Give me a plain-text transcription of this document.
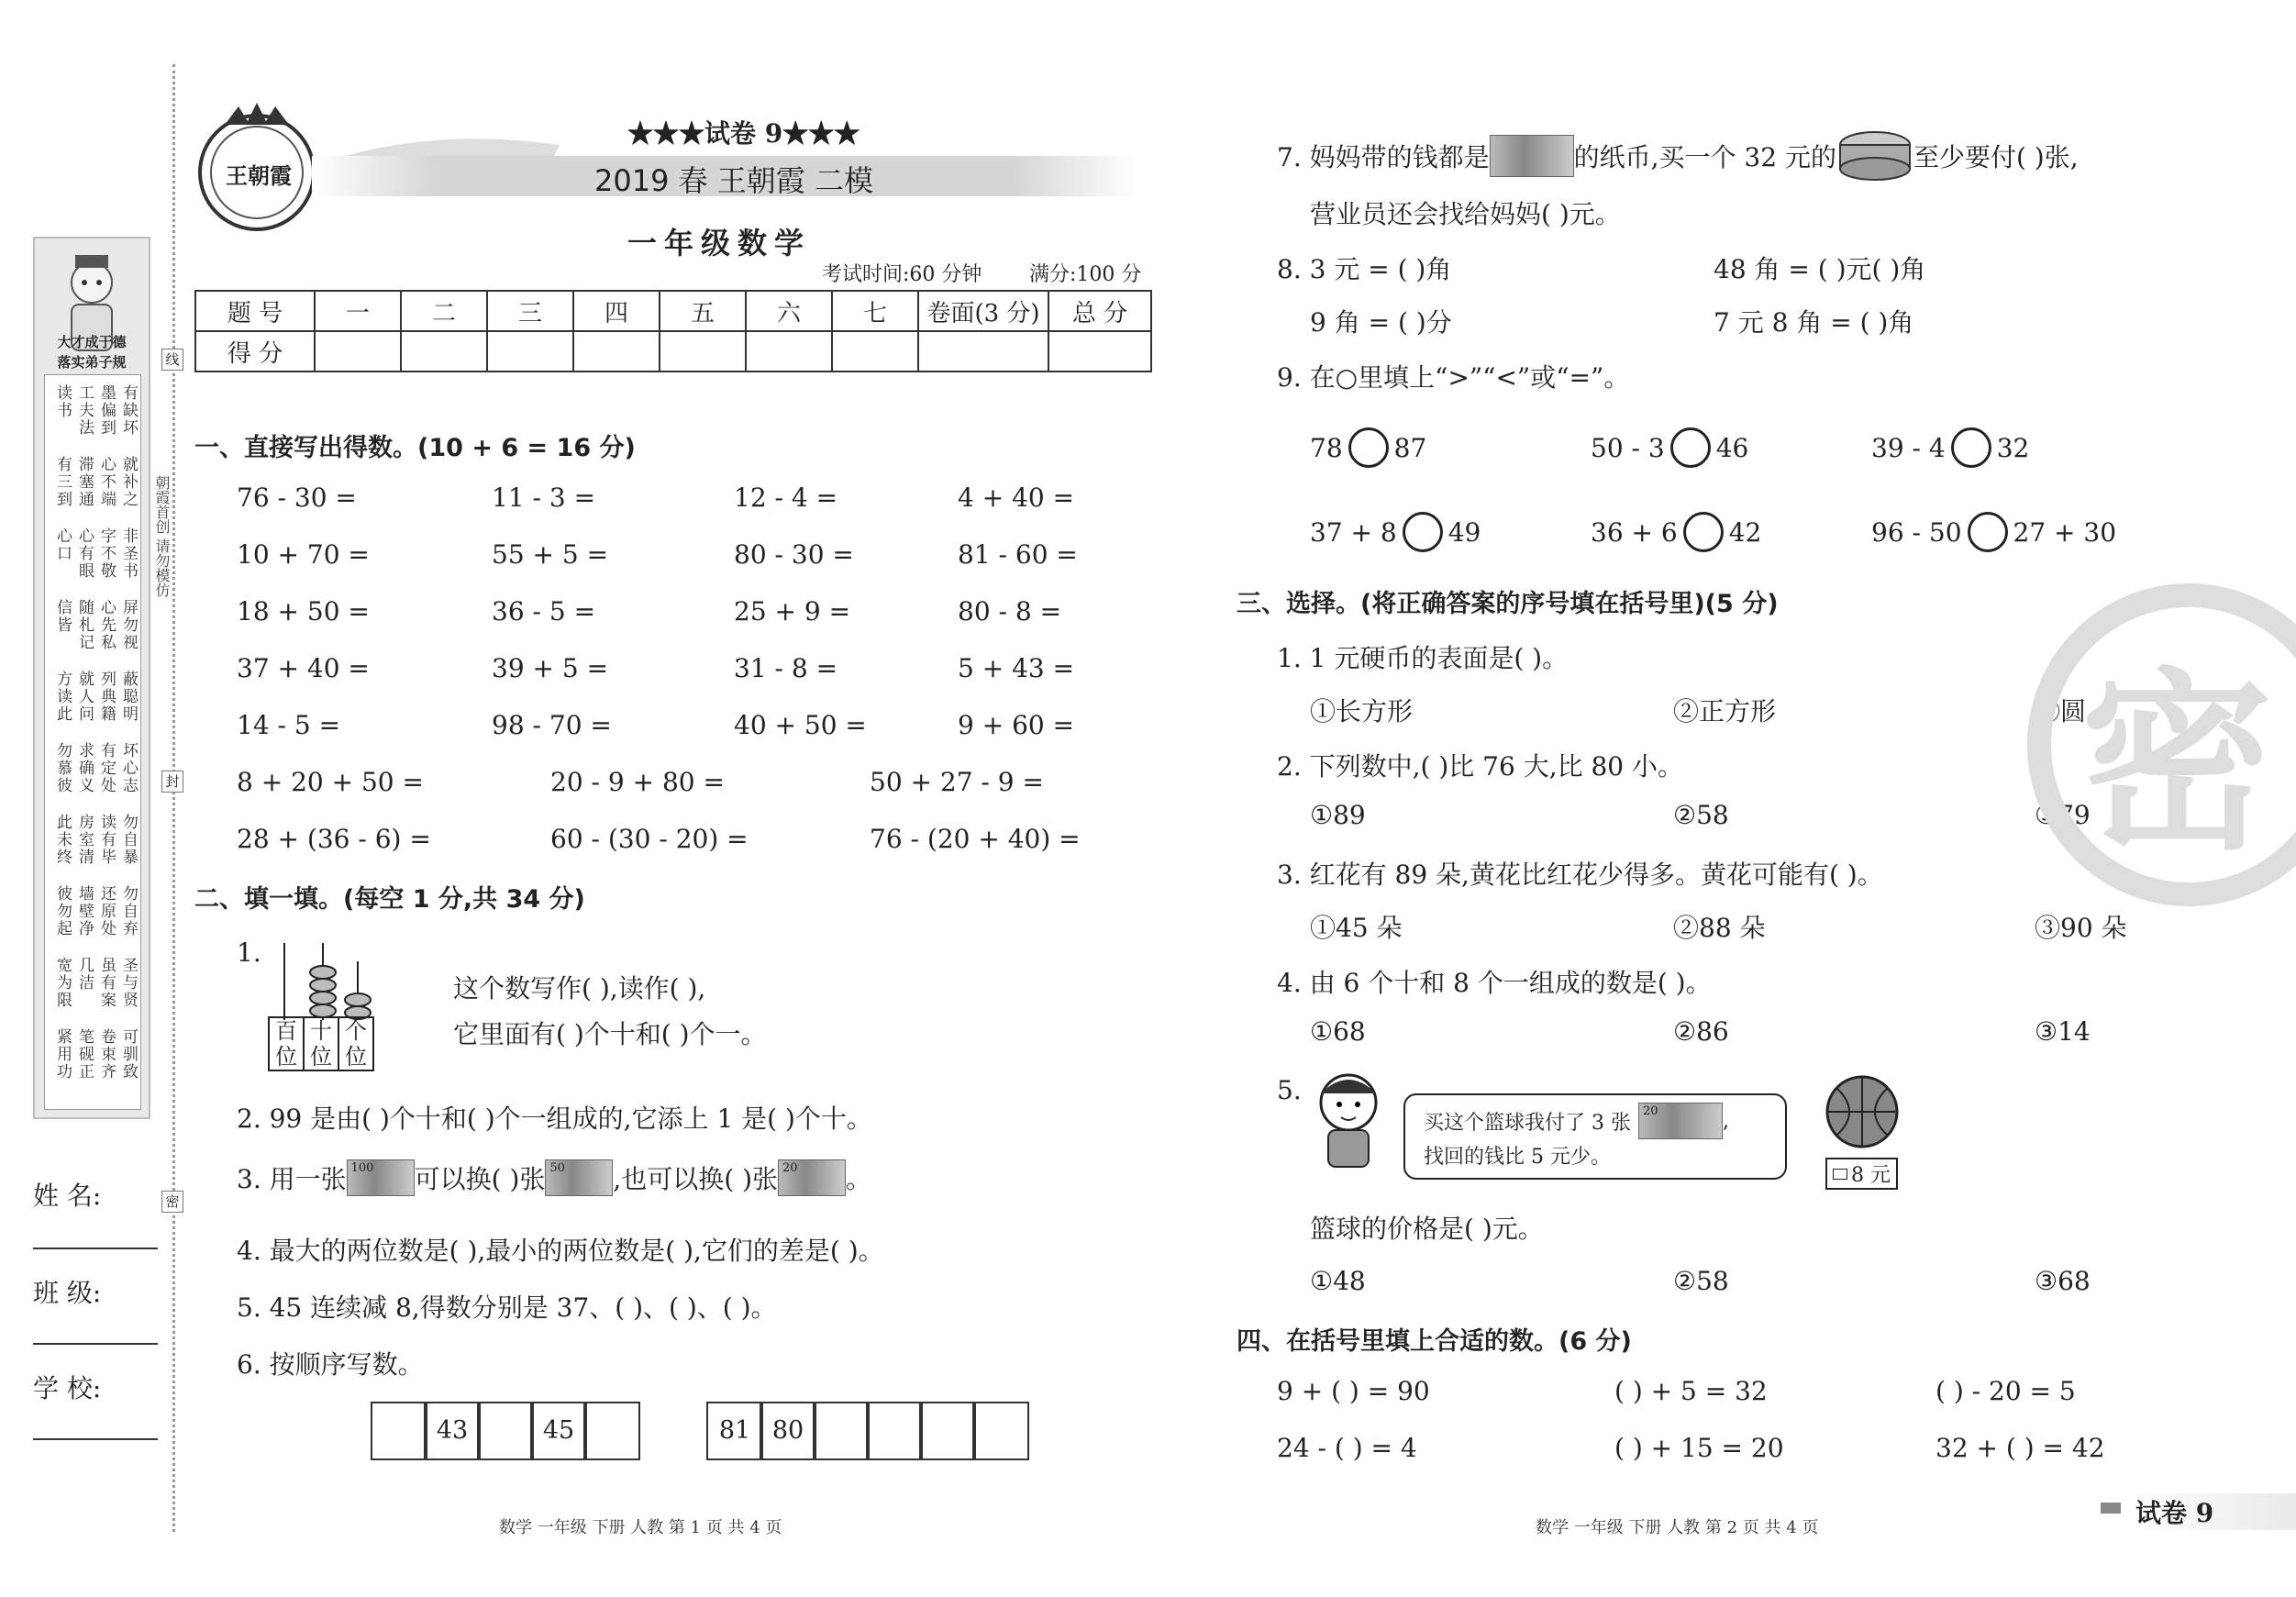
大才成于德
落实弟子规
有缺坏
墨偏到
工夫法
读书
就补之
心不端
滞塞通
有三到
非圣书
字不敬
心有眼
心口
屏勿视
心先私
随札记
信皆
蔽聪明
列典籍
就人问
方读此
坏心志
有定处
求确义
勿慕彼
勿自暴
读有毕
房室清
此未终
勿自弃
还原处
墙壁净
彼勿起
圣与贤
虽有案
几洁
宽为限
可驯致
卷束齐
笔砚正
紧用功
线
封
密
朝霞首创 请勿模仿
姓 名:
班 级:
学 校:
王朝霞
★★★试卷 9★★★
2019 春 王朝霞 二模
一年级数学
考试时间:60 分钟 满分:100 分
题 号	一	二	三	四	五	六	七	卷面(3 分)	总 分
得 分									
一、直接写出得数。(10 + 6 = 16 分)
76 - 30 =	11 - 3 =	12 - 4 =	4 + 40 =
10 + 70 =	55 + 5 =	80 - 30 =	81 - 60 =
18 + 50 =	36 - 5 =	25 + 9 =	80 - 8 =
37 + 40 =	39 + 5 =	31 - 8 =	5 + 43 =
14 - 5 =	98 - 70 =	40 + 50 =	9 + 60 =
8 + 20 + 50 =	20 - 9 + 80 =	50 + 27 - 9 =
28 + (36 - 6) =	60 - (30 - 20) =	76 - (20 + 40) =
二、填一填。(每空 1 分,共 34 分)
1.
百位
十位
个位
这个数写作( ),读作( ),
它里面有( )个十和( )个一。
2. 99 是由( )个十和( )个一组成的,它添上 1 是( )个十。
3. 用一张 100 可以换( )张 50 ,也可以换( )张 20 。
4. 最大的两位数是( ),最小的两位数是( ),它们的差是( )。
5. 45 连续减 8,得数分别是 37、( )、( )、( )。
6. 按顺序写数。
43	45	81 80
7. 妈妈带的钱都是	的纸币,买一个 32 元的	至少要付( )张,
营业员还会找给妈妈( )元。
8. 3 元 = ( )角	48 角 = ( )元( )角
9 角 = ( )分	7 元 8 角 = ( )角
9. 在○里填上“>”“<”或“=”。
78 87	50 - 3 46	39 - 4 32
37 + 8 49	36 + 6 42	96 - 50 27 + 30
三、选择。(将正确答案的序号填在括号里)(5 分)
1. 1 元硬币的表面是( )。
①长方形	②正方形	③圆
2. 下列数中,( )比 76 大,比 80 小。
①89	②58	③79
3. 红花有 89 朵,黄花比红花少得多。黄花可能有( )。
①45 朵	②88 朵	③90 朵
4. 由 6 个十和 8 个一组成的数是( )。
①68	②86	③14
5.
买这个篮球我付了 3 张 20	,
找回的钱比 5 元少。
8 元
篮球的价格是( )元。
①48	②58	③68
四、在括号里填上合适的数。(6 分)
9 + ( ) = 90	( ) + 5 = 32	( ) - 20 = 5
24 - ( ) = 4	( ) + 15 = 20	32 + ( ) = 42
密
数学 一年级 下册 人教 第 1 页 共 4 页	数学 一年级 下册 人教 第 2 页 共 4 页	试卷 9
